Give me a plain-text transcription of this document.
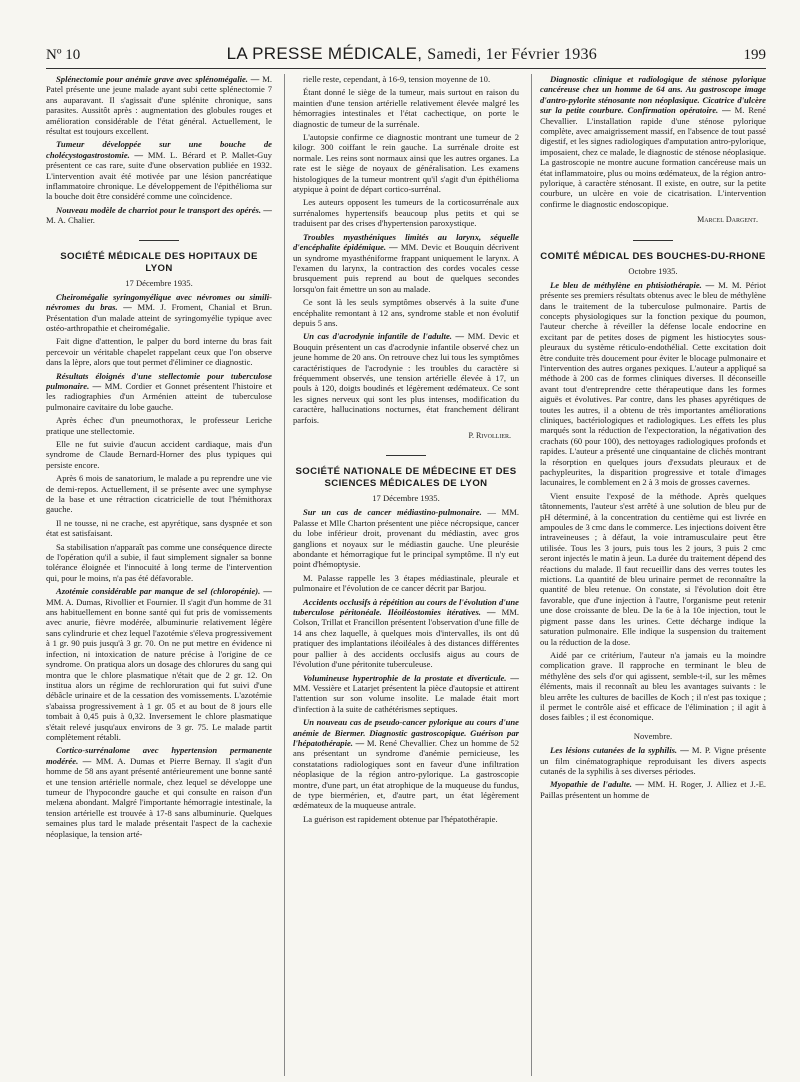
Nº 10	LA PRESSE MÉDICALE, Samedi, 1er Février 1936	199

Splénectomie pour anémie grave avec splénomégalie. — M. Patel présente une jeune malade ayant subi cette splénectomie 7 ans auparavant. Il s'agissait d'une splénite chronique, sans parasites. Aussitôt après : augmentation des globules rouges et amélioration considérable de l'état général. Actuellement, le résultat est toujours excellent.

Tumeur développée sur une bouche de cholécystogastrostomie. — MM. L. Bérard et P. Mallet-Guy présentent ce cas rare, suite d'une observation publiée en 1932. L'intervention avait été motivée par une lésion pancréatique inflammatoire chronique. Le développement de l'épithélioma sur la bouche doit être considéré comme une coïncidence.

Nouveau modèle de charriot pour le transport des opérés. — M. A. Chalier.

SOCIÉTÉ MÉDICALE DES HOPITAUX DE LYON
17 Décembre 1935.

Cheiromégalie syringomyélique avec névromes ou simili-névromes du bras. — MM. J. Froment, Chanial et Brun. Présentation d'un malade atteint de syringomyélie typique avec ostéo-arthropathie et cheiromégalie.

Fait digne d'attention, le palper du bord interne du bras fait percevoir un véritable chapelet rappelant ceux que l'on observe dans la lèpre, alors que tout permet d'éliminer ce diagnostic.

Résultats éloignés d'une stellectomie pour tuberculose pulmonaire. — MM. Cordier et Gonnet présentent l'histoire et les radiographies d'un Arménien atteint de tuberculose pulmonaire cavitaire du lobe gauche.

Après échec d'un pneumothorax, le professeur Leriche pratique une stellectomie.

Elle ne fut suivie d'aucun accident cardiaque, mais d'un syndrome de Claude Bernard-Horner des plus typiques qui persiste encore.

Après 6 mois de sanatorium, le malade a pu reprendre une vie de demi-repos. Actuellement, il se présente avec une symphyse de la base et une rétraction cicatricielle de tout l'hémithorax gauche.

Il ne tousse, ni ne crache, est apyrétique, sans dyspnée et son état est satisfaisant.

Sa stabilisation n'apparaît pas comme une conséquence directe de l'opération qu'il a subie, il faut simplement signaler sa bonne tolérance éloignée et l'innocuité à long terme de l'intervention qui, pour le moins, n'a pas été défavorable.

Azotémie considérable par manque de sel (chloropénie). — MM. A. Dumas, Rivollier et Fournier. Il s'agit d'un homme de 31 ans habituellement en bonne santé qui fut pris de vomissements avec anurie, fièvre modérée, albuminurie relativement légère sans cylindrurie et chez lequel l'azotémie s'éleva progressivement à 1 gr. 90 puis jusqu'à 3 gr. 70. On ne put mettre en évidence ni infection, ni intoxication de nature précise à l'origine de ce syndrome. On pratiqua alors un dosage des chlorures du sang qui montra que le chlore plasmatique n'était que de 2 gr. 12. On institua alors un régime de rechloruration qui fut suivi d'une débâcle urinaire et de la cessation des vomissements. L'azotémie s'abaissa progressivement à 1 gr. 05 et au bout de 8 jours elle tombait à 0,45 puis à 0,32. Inversement le chlore plasmatique s'était relevé jusqu'aux environs de 3 gr. 75. Le malade partit complètement rétabli.

Cortico-surrénalome avec hypertension permanente modérée. — MM. A. Dumas et Pierre Bernay. Il s'agit d'un homme de 58 ans ayant présenté antérieurement une bonne santé et une tension artérielle normale, chez lequel se développe une tumeur de l'hypocondre gauche et qui consulte en raison d'un melæna abondant. Malgré l'importante hémorragie intestinale, la tension artérielle est trouvée à 17-8 sans albuminurie. Quelques semaines plus tard le malade présentait l'aspect de la cachexie néoplasique, la tension arté-

rielle reste, cependant, à 16-9, tension moyenne de 10.

Étant donné le siège de la tumeur, mais surtout en raison du maintien d'une tension artérielle relativement élevée malgré les hémorragies intestinales et l'état cachectique, on porte le diagnostic de tumeur de la surrénale.

L'autopsie confirme ce diagnostic montrant une tumeur de 2 kilogr. 300 coiffant le rein gauche. La surrénale droite est normale. Les reins sont normaux ainsi que les autres organes. La rate est le siège de noyaux de généralisation. Les examens histologiques de la tumeur montrent qu'il s'agit d'un épithélioma atypique à point de départ cortico-surrénal.

Les auteurs opposent les tumeurs de la corticosurrénale aux surrénalomes hypertensifs beaucoup plus petits et qui se traduisent par des crises d'hypertension paroxystique.

Troubles myasthéniques limités au larynx, séquelle d'encéphalite épidémique. — MM. Devic et Bouquin décrivent un syndrome myasthéniforme frappant uniquement le larynx. A l'examen du larynx, la contraction des cordes vocales cesse brusquement puis reprend au bout de quelques secondes lorsqu'on fait émettre un son au malade.

Ce sont là les seuls symptômes observés à la suite d'une encéphalite remontant à 12 ans, syndrome stable et non évolutif depuis 5 ans.

Un cas d'acrodynie infantile de l'adulte. — MM. Devic et Bouquin présentent un cas d'acrodynie infantile observé chez un jeune homme de 20 ans. On retrouve chez lui tous les symptômes caractéristiques de l'acrodynie : les troubles du caractère si fréquemment observés, une tension artérielle élevée à 17, un pouls à 120, doigts boudinés et légèrement œdémateux. Ce sont les signes nerveux qui sont les plus intenses, modification du caractère, hallucinations nocturnes, état franchement délirant parfois.

P. Rivollier.

SOCIÉTÉ NATIONALE DE MÉDECINE ET DES SCIENCES MÉDICALES DE LYON
17 Décembre 1935.

Sur un cas de cancer médiastino-pulmonaire. — MM. Palasse et Mlle Charton présentent une pièce nécropsique, cancer du lobe inférieur droit, provenant du médiastin, avec gros ganglions et noyaux sur le médiastin gauche. Une pleurésie abondante et hémorragique fut le principal symptôme. Il n'y eut point d'hémoptysie.

M. Palasse rappelle les 3 étapes médiastinale, pleurale et pulmonaire et l'évolution de ce cancer décrit par Barjou.

Accidents occlusifs à répétition au cours de l'évolution d'une tuberculose péritonéale. Iléoiléostomies itératives. — MM. Colson, Trillat et Francillon présentent l'observation d'une fille de 14 ans chez laquelle, à quelques mois d'intervalles, ils ont dû pratiquer des implantations iléoiléales à des distances différentes pour pallier à des accidents occlusifs aigus au cours de l'évolution d'une péritonite tuberculeuse.

Volumineuse hypertrophie de la prostate et diverticule. — MM. Vessière et Latarjet présentent la pièce d'autopsie et attirent l'attention sur son volume insolite. Le malade était mort d'infection à la suite de cathétérismes septiques.

Un nouveau cas de pseudo-cancer pylorique au cours d'une anémie de Biermer. Diagnostic gastroscopique. Guérison par l'hépatothérapie. — M. René Chevallier. Chez un homme de 52 ans présentant un syndrome d'anémie pernicieuse, les constatations radiologiques sont en faveur d'une infiltration néoplasique de la région antro-pylorique. La gastroscopie montre, d'une part, un état atrophique de la muqueuse du fundus, de type biermérien, et, d'autre part, un état légèrement œdémateux de la muqueuse antrale.

La guérison est rapidement obtenue par l'hépatothérapie.

Diagnostic clinique et radiologique de sténose pylorique cancéreuse chez un homme de 64 ans. Au gastroscope image d'antro-pylorite sténosante non néoplasique. Cicatrice d'ulcère sur la petite courbure. Confirmation opératoire. — M. René Chevallier. L'installation rapide d'une sténose pylorique complète, avec amaigrissement massif, en l'absence de tout passé digestif, et les signes radiologiques d'amputation antro-pylorique, imposaient, chez ce malade, le diagnostic de sténose néoplasique. La gastroscopie ne montre aucune formation cancéreuse mais un état inflammatoire, plus ou moins œdémateux, de la région antro-pylorique, à caractère sténosant. Il existe, en outre, sur la petite courbure, un ulcère en voie de cicatrisation. L'intervention confirme le diagnostic endoscopique.

Marcel Dargent.

COMITÉ MÉDICAL DES BOUCHES-DU-RHONE
Octobre 1935.

Le bleu de méthylène en phtisiothérapie. — M. M. Périot présente ses premiers résultats obtenus avec le bleu de méthylène dans le traitement de la tuberculose pulmonaire. Partis de concepts physiologiques sur la fonction pexique du poumon, l'auteur cherche à réveiller la défense locale endocrine en excitant par de petites doses de pigment les histiocytes sous-pleuraux du système réticulo-endothélial. Cette excitation doit être conduite très doucement pour éviter le blocage pulmonaire et l'intervention des autres organes pexiques. L'auteur a appliqué sa méthode à 200 cas de formes cliniques diverses. Il déconseille avant tout d'entreprendre cette thérapeutique dans les formes aiguës et évolutives. Par contre, dans les phases apyrétiques de toutes les autres, il a obtenu de très importantes améliorations cliniques, bactériologiques et radiologiques. Les effets les plus marqués sont la réduction de l'expectoration, la négativation des crachats (60 pour 100), des nettoyages radiologiques profonds et rapides. L'auteur a présenté une cinquantaine de clichés montrant la résorption en quelques jours d'exsudats pleuraux et de pachypleurites, la disparition progressive et totale d'images lacunaires, le comblement en 2 à 3 mois de grosses cavernes.

Vient ensuite l'exposé de la méthode. Après quelques tâtonnements, l'auteur s'est arrêté à une solution de bleu pur de pH déterminé, à la concentration du centième qui est livrée en ampoules de 3 cmc dans le commerce. Les injections doivent être intraveineuses ; à défaut, la voie intramusculaire peut être utilisée. Tous les 3 jours, puis tous les 2 jours, 3 puis 2 cmc seront injectés le matin à jeun. La durée du traitement dépend des réactions du malade. Il faut recueillir dans des verres toutes les mictions. La quantité de bleu urinaire permet de reconnaître la quantité de bleu retenue. On constate, si l'évolution doit être favorable, que d'une injection à l'autre, l'organisme peut retenir une dose croissante de bleu. De la 6e à la 10e injection, tout le pigment passe dans les urines. Cette décharge indique la saturation pulmonaire. Elle indique la suspension du traitement ou la réduction de la dose.

Aidé par ce critérium, l'auteur n'a jamais eu la moindre complication grave. Il rapproche en terminant le bleu de méthylène des sels d'or qui agissent, semble-t-il, sur les mêmes éléments, mais il reconnaît au bleu les avantages suivants : le bleu arrête les cultures de bacilles de Koch ; il n'est pas toxique ; il permet le contrôle aisé et efficace de l'élimination ; il agit à doses faibles ; il est économique.

Novembre.

Les lésions cutanées de la syphilis. — M. P. Vigne présente un film cinématographique reproduisant les divers aspects cutanés de la syphilis à ses diverses périodes.

Myopathie de l'adulte. — MM. H. Roger, J. Alliez et J.-E. Paillas présentent un homme de
